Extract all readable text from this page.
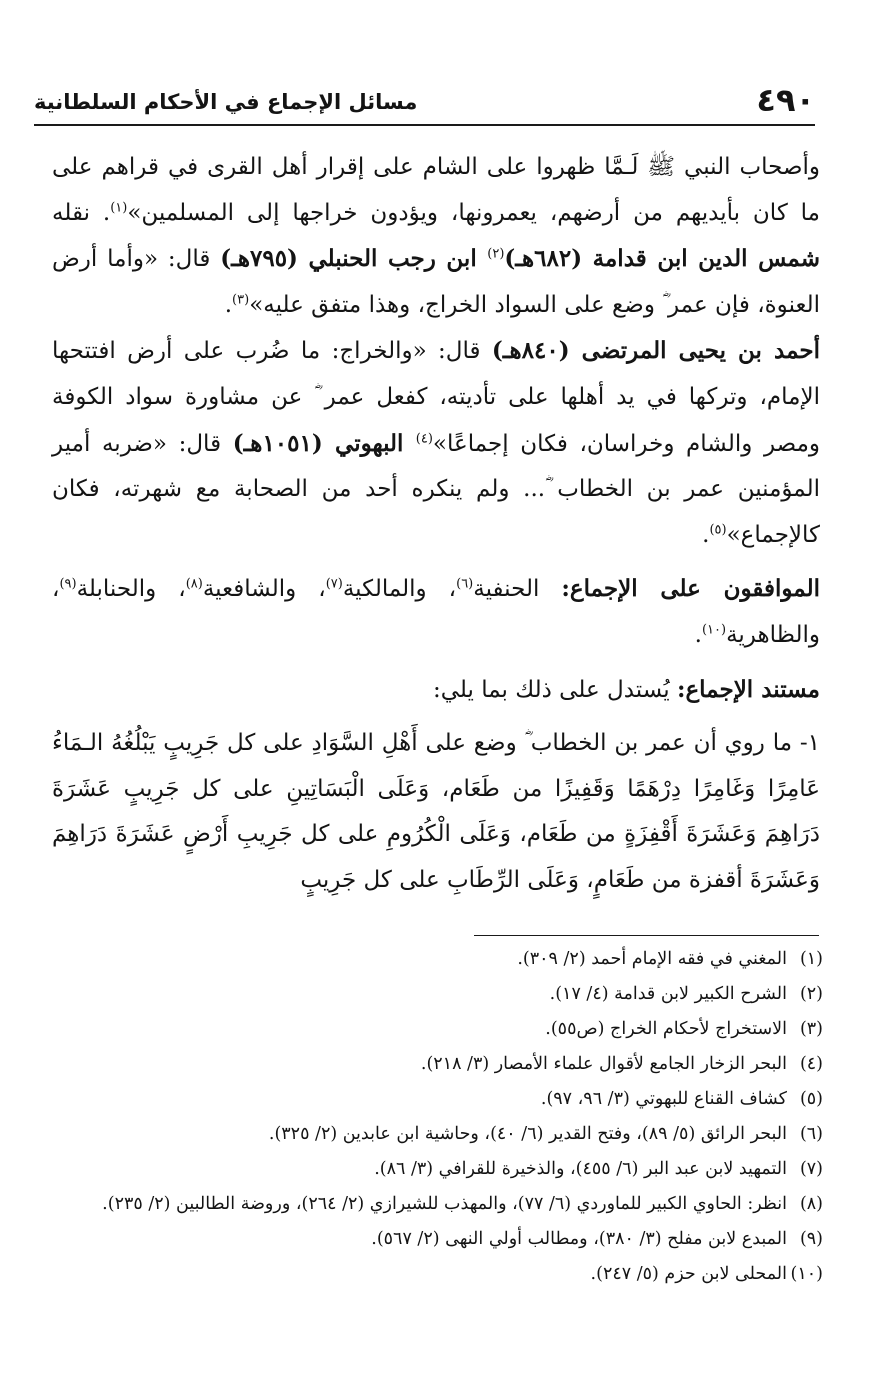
٤٩٠
مسائل الإجماع في الأحكام السلطانية

وأصحاب النبي ﷺ لَـمَّا ظهروا على الشام على إقرار أهل القرى في قراهم على ما كان بأيديهم من أرضهم، يعمرونها، ويؤدون خراجها إلى المسلمين»$^{(١)}$. نقله شمس الدين ابن قدامة (٦٨٢هـ)$^{(٢)}$ ابن رجب الحنبلي (٧٩٥هـ) قال: «وأما أرض العنوة، فإن عمر ؓ وضع على السواد الخراج، وهذا متفق عليه»$^{(٣)}$.

أحمد بن يحيى المرتضى (٨٤٠هـ) قال: «والخراج: ما ضُرب على أرض افتتحها الإمام، وتركها في يد أهلها على تأديته، كفعل عمر ؓ عن مشاورة سواد الكوفة ومصر والشام وخراسان، فكان إجماعًا»$^{(٤)}$ البهوتي (١٠٥١هـ) قال: «ضربه أمير المؤمنين عمر بن الخطاب ؓ... ولم ينكره أحد من الصحابة مع شهرته، فكان كالإجماع»$^{(٥)}$.

الموافقون على الإجماع: الحنفية$^{(٦)}$، والمالكية$^{(٧)}$، والشافعية$^{(٨)}$، والحنابلة$^{(٩)}$، والظاهرية$^{(١٠)}$.

مستند الإجماع: يُستدل على ذلك بما يلي:

١- ما روي أن عمر بن الخطاب ؓ وضع على أَهْلِ السَّوَادِ على كل جَرِيبٍ يَبْلُغُهُ الـمَاءُ عَامِرًا وَغَامِرًا دِرْهَمًا وَقَفِيزًا من طَعَام، وَعَلَى الْبَسَاتِينِ على كل جَرِيبٍ عَشَرَةَ دَرَاهِمَ وَعَشَرَةَ أَقْفِزَةٍ من طَعَام، وَعَلَى الْكُرُومِ على كل جَرِيبِ أَرْضٍ عَشَرَةَ دَرَاهِمَ وَعَشَرَةَ أقفزة من طَعَامٍ، وَعَلَى الرِّطَابِ على كل جَرِيبٍ

(١)المغني في فقه الإمام أحمد (٢/ ٣٠٩).

(٢)الشرح الكبير لابن قدامة (٤/ ١٧).

(٣)الاستخراج لأحكام الخراج (ص٥٥).

(٤)البحر الزخار الجامع لأقوال علماء الأمصار (٣/ ٢١٨).

(٥)كشاف القناع للبهوتي (٣/ ٩٦، ٩٧).

(٦)البحر الرائق (٥/ ٨٩)، وفتح القدير (٦/ ٤٠)، وحاشية ابن عابدين (٢/ ٣٢٥).

(٧)التمهيد لابن عبد البر (٦/ ٤٥٥)، والذخيرة للقرافي (٣/ ٨٦).

(٨)انظر: الحاوي الكبير للماوردي (٦/ ٧٧)، والمهذب للشيرازي (٢/ ٢٦٤)، وروضة الطالبين (٢/ ٢٣٥).

(٩)المبدع لابن مفلح (٣/ ٣٨٠)، ومطالب أولي النهى (٢/ ٥٦٧).

(١٠)المحلى لابن حزم (٥/ ٢٤٧).
